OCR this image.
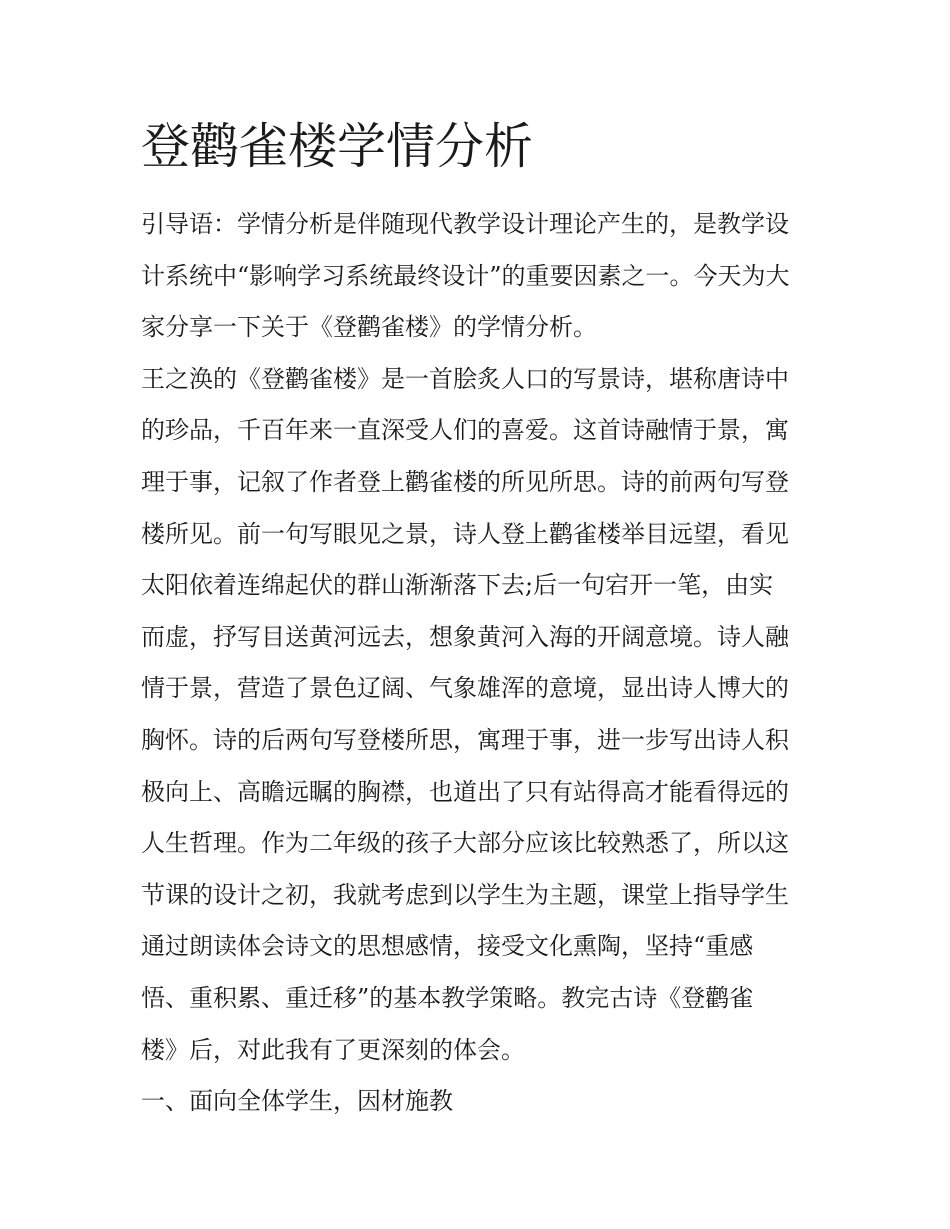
登鹳雀楼学情分析

引导语：学情分析是伴随现代教学设计理论产生的，是教学设
计系统中“影响学习系统最终设计”的重要因素之一。今天为大
家分享一下关于《登鹳雀楼》的学情分析。

王之涣的《登鹳雀楼》是一首脍炙人口的写景诗，堪称唐诗中
的珍品，千百年来一直深受人们的喜爱。这首诗融情于景，寓
理于事，记叙了作者登上鹳雀楼的所见所思。诗的前两句写登
楼所见。前一句写眼见之景，诗人登上鹳雀楼举目远望，看见
太阳依着连绵起伏的群山渐渐落下去;后一句宕开一笔，由实
而虚，抒写目送黄河远去，想象黄河入海的开阔意境。诗人融
情于景，营造了景色辽阔、气象雄浑的意境，显出诗人博大的
胸怀。诗的后两句写登楼所思，寓理于事，进一步写出诗人积
极向上、高瞻远瞩的胸襟，也道出了只有站得高才能看得远的
人生哲理。作为二年级的孩子大部分应该比较熟悉了，所以这
节课的设计之初，我就考虑到以学生为主题，课堂上指导学生
通过朗读体会诗文的思想感情，接受文化熏陶，坚持“重感
悟、重积累、重迁移”的基本教学策略。教完古诗《登鹳雀
楼》后，对此我有了更深刻的体会。

一、面向全体学生，因材施教
